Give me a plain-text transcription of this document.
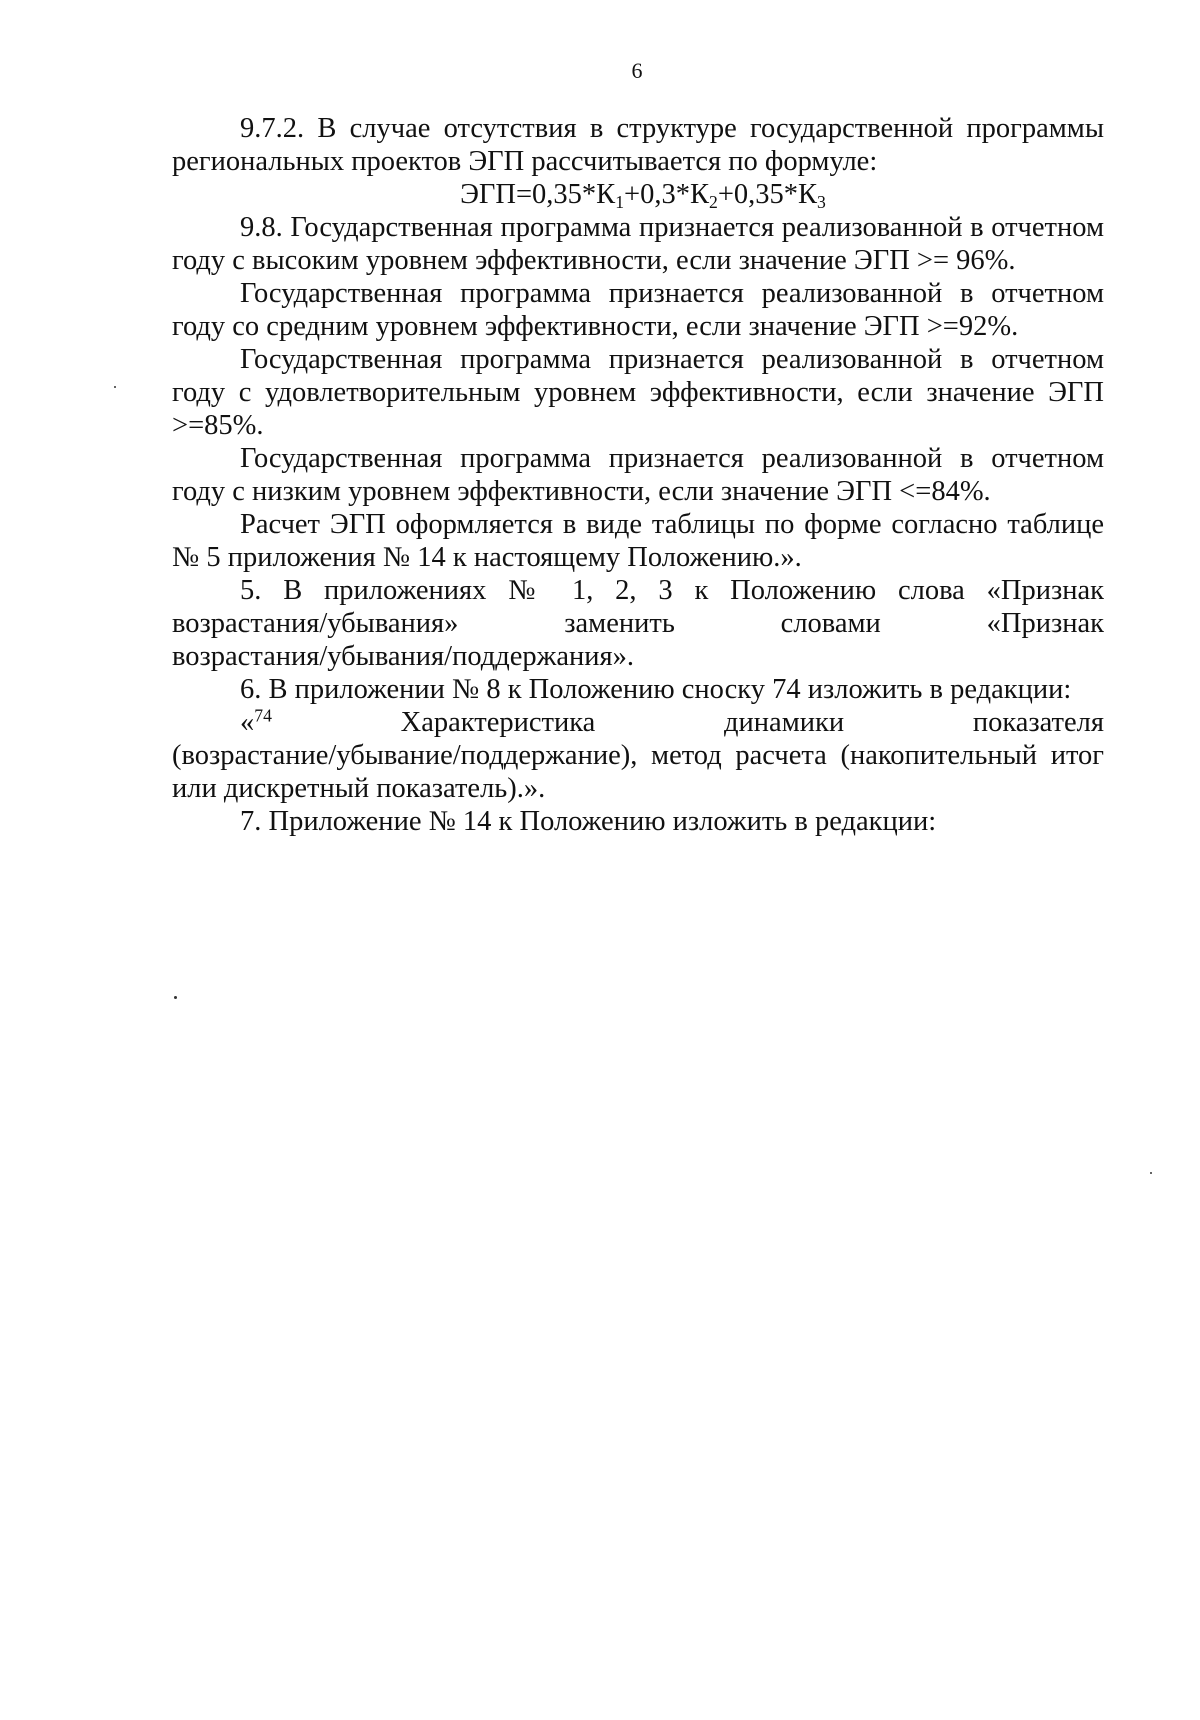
6

9.7.2. В случае отсутствия в структуре государственной программы региональных проектов ЭГП рассчитывается по формуле:

$ЭГП=0,35*К_1+0,3*К_2+0,35*К_3$

9.8. Государственная программа признается реализованной в отчетном году с высоким уровнем эффективности, если значение ЭГП >= 96%.

Государственная программа признается реализованной в отчетном году со средним уровнем эффективности, если значение ЭГП >=92%.

Государственная программа признается реализованной в отчетном году с удовлетворительным уровнем эффективности, если значение ЭГП >=85%.

Государственная программа признается реализованной в отчетном году с низким уровнем эффективности, если значение ЭГП <=84%.

Расчет ЭГП оформляется в виде таблицы по форме согласно таблице № 5 приложения № 14 к настоящему Положению.».

5. В приложениях № 1, 2, 3 к Положению слова «Признак

возрастания/убывания» заменить словами «Признак

возрастания/убывания/поддержания».

6. В приложении № 8 к Положению сноску 74 изложить в редакции:

«$^{74}$ Характеристика динамики показателя

(возрастание/убывание/поддержание), метод расчета (накопительный итог или дискретный показатель).».

7. Приложение № 14 к Положению изложить в редакции:
